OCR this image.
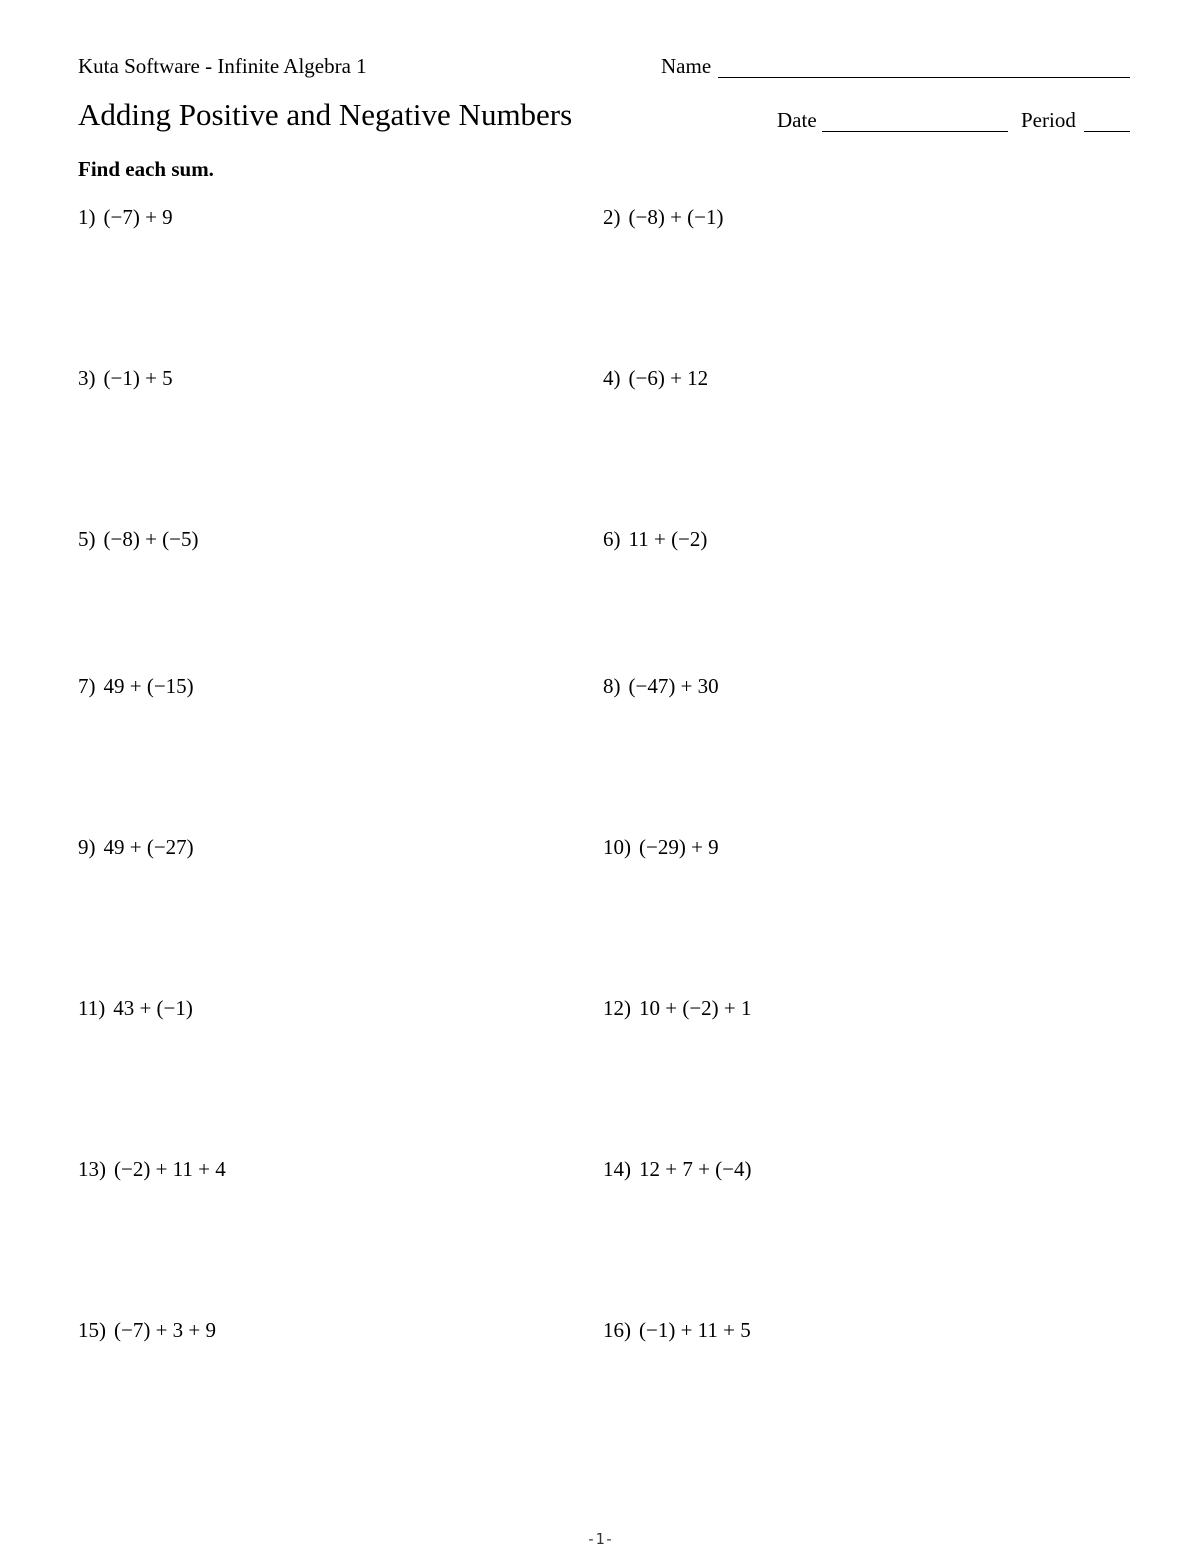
Kuta Software - Infinite Algebra 1	Name
Adding Positive and Negative Numbers	Date	Period
Find each sum.
1) (−7) + 9	2) (−8) + (−1)
3) (−1) + 5	4) (−6) + 12
5) (−8) + (−5)	6) 11 + (−2)
7) 49 + (−15)	8) (−47) + 30
9) 49 + (−27)	10) (−29) + 9
11) 43 + (−1)	12) 10 + (−2) + 1
13) (−2) + 11 + 4	14) 12 + 7 + (−4)
15) (−7) + 3 + 9	16) (−1) + 11 + 5
-1-
